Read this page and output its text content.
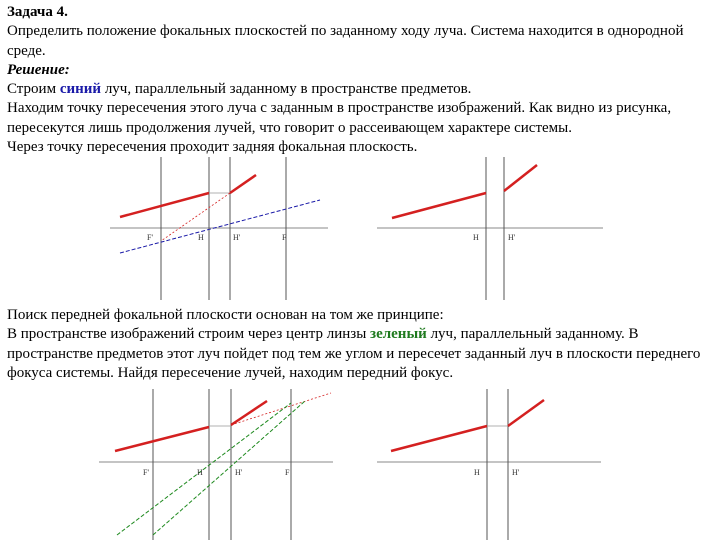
Задача 4.

Определить положение фокальных плоскостей по заданному ходу луча. Система находится в однородной среде.

Решение:

Строим синий луч, параллельный заданному в пространстве предметов.

Находим точку пересечения этого луча с заданным в пространстве изображений. Как видно из рисунка, пересекутся лишь продолжения лучей, что говорит о рассеивающем характере системы.

Через точку пересечения проходит задняя фокальная плоскость.

F'	H	H'	F	H	H'

Поиск передней фокальной плоскости основан на том же принципе:

В пространстве изображений строим через центр линзы зеленый луч, параллельный заданному. В пространстве предметов этот луч пойдет под тем же углом и пересечет заданный луч в плоскости переднего фокуса системы. Найдя пересечение лучей, находим передний фокус.

F'	H	H'	F	H	H'
